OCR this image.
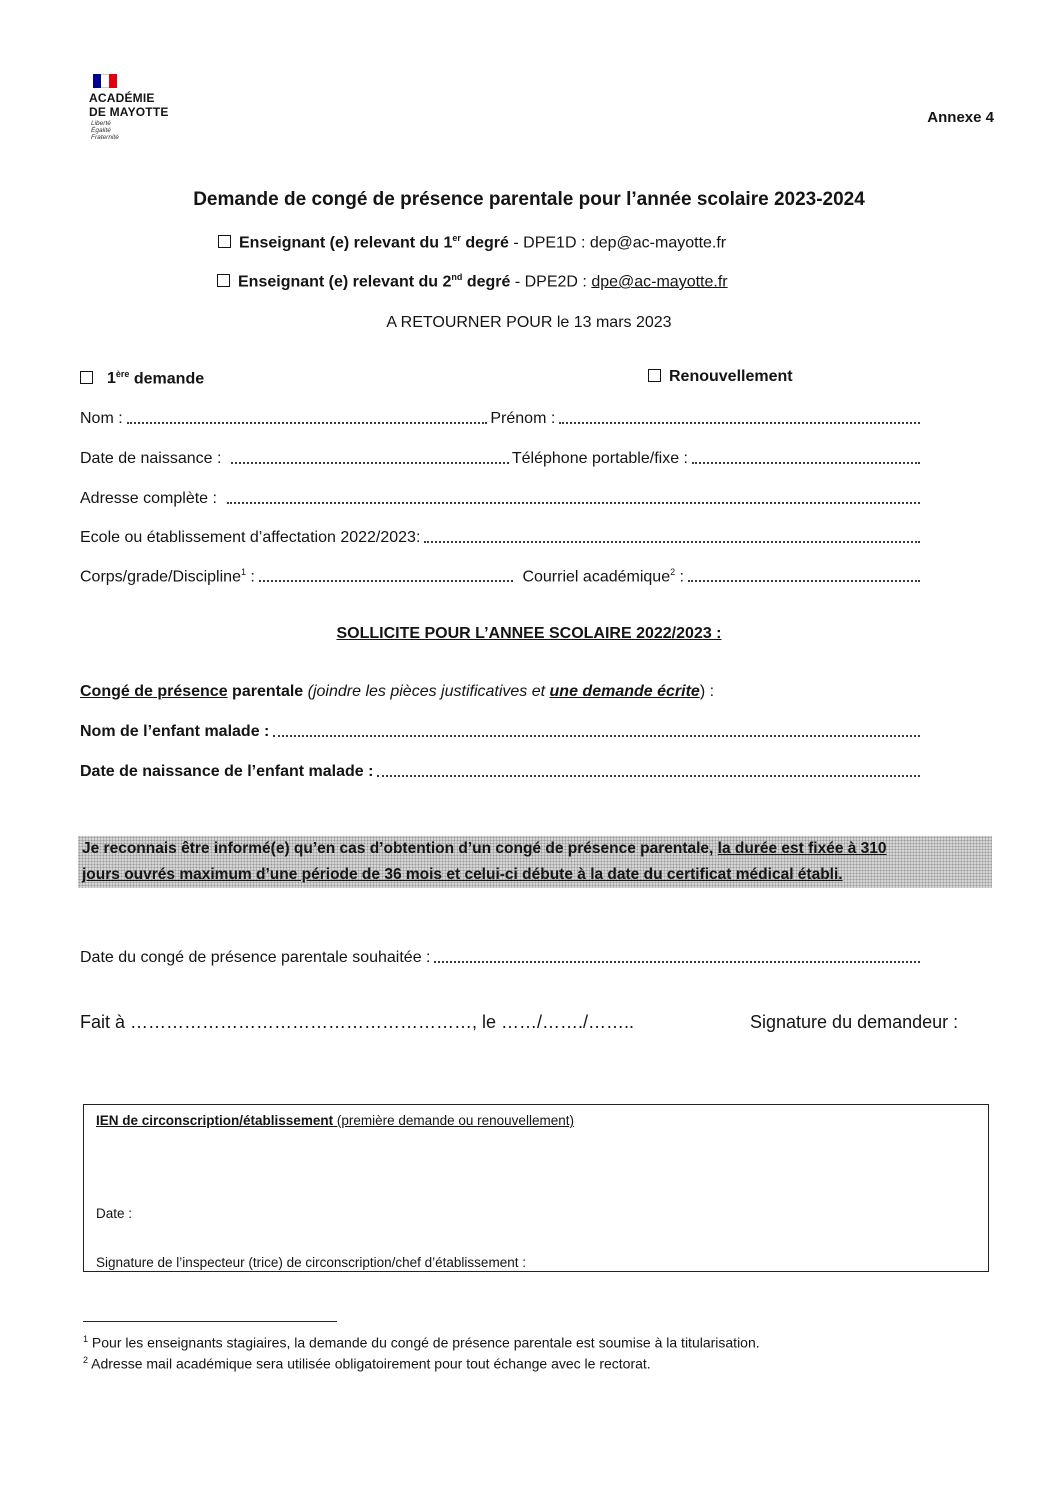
ACADÉMIE
DE MAYOTTE
Liberté
Égalité
Fraternité
Annexe 4
Demande de congé de présence parentale pour l’année scolaire 2023-2024
Enseignant (e) relevant du 1er degré - DPE1D : dep@ac-mayotte.fr
Enseignant (e) relevant du 2nd degré - DPE2D : dpe@ac-mayotte.fr
A RETOURNER POUR le 13 mars 2023
1ère demande	Renouvellement
Nom :	Prénom :
Date de naissance :	Téléphone portable/fixe :
Adresse complète :
Ecole ou établissement d’affectation 2022/2023:
Corps/grade/Discipline$^1$ :	Courriel académique$^2$ :
SOLLICITE POUR L’ANNEE SCOLAIRE 2022/2023 :
Congé de présence parentale (joindre les pièces justificatives et une demande écrite) :
Nom de l’enfant malade :
Date de naissance de l’enfant malade :
Je reconnais être informé(e) qu’en cas d’obtention d’un congé de présence parentale, la durée est fixée à 310
jours ouvrés maximum d’une période de 36 mois et celui-ci débute à la date du certificat médical établi.
Date du congé de présence parentale souhaitée :
Fait à …………………………………………………, le ……/……./……..	Signature du demandeur :
IEN de circonscription/établissement (première demande ou renouvellement)
Date :
Signature de l’inspecteur (trice) de circonscription/chef d’établissement :
$^1$ Pour les enseignants stagiaires, la demande du congé de présence parentale est soumise à la titularisation.
$^2$ Adresse mail académique sera utilisée obligatoirement pour tout échange avec le rectorat.
